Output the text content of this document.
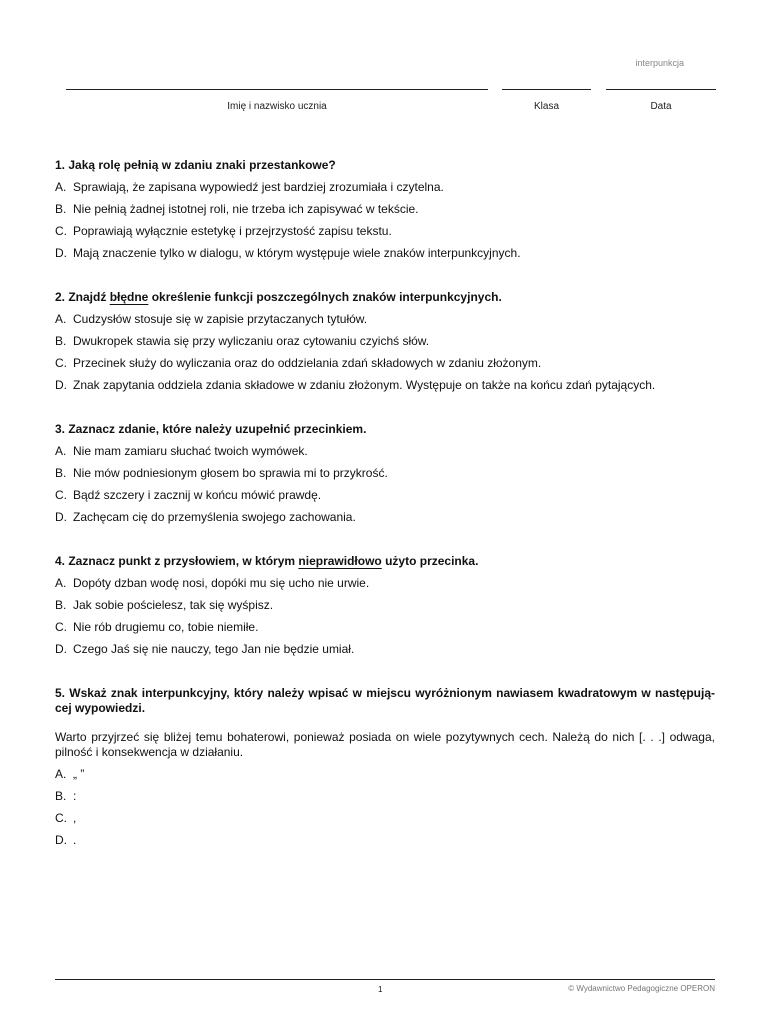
interpunkcja
Imię i nazwisko ucznia	Klasa	Data
1. Jaką rolę pełnią w zdaniu znaki przestankowe?
A. Sprawiają, że zapisana wypowiedź jest bardziej zrozumiała i czytelna.
B. Nie pełnią żadnej istotnej roli, nie trzeba ich zapisywać w tekście.
C. Poprawiają wyłącznie estetykę i przejrzystość zapisu tekstu.
D. Mają znaczenie tylko w dialogu, w którym występuje wiele znaków interpunkcyjnych.
2. Znajdź błędne określenie funkcji poszczególnych znaków interpunkcyjnych.
A. Cudzysłów stosuje się w zapisie przytaczanych tytułów.
B. Dwukropek stawia się przy wyliczaniu oraz cytowaniu czyichś słów.
C. Przecinek służy do wyliczania oraz do oddzielania zdań składowych w zdaniu złożonym.
D. Znak zapytania oddziela zdania składowe w zdaniu złożonym. Występuje on także na końcu zdań pytających.
3. Zaznacz zdanie, które należy uzupełnić przecinkiem.
A. Nie mam zamiaru słuchać twoich wymówek.
B. Nie mów podniesionym głosem bo sprawia mi to przykrość.
C. Bądź szczery i zacznij w końcu mówić prawdę.
D. Zachęcam cię do przemyślenia swojego zachowania.
4. Zaznacz punkt z przysłowiem, w którym nieprawidłowo użyto przecinka.
A. Dopóty dzban wodę nosi, dopóki mu się ucho nie urwie.
B. Jak sobie pościelesz, tak się wyśpisz.
C. Nie rób drugiemu co, tobie niemiłe.
D. Czego Jaś się nie nauczy, tego Jan nie będzie umiał.
5. Wskaż znak interpunkcyjny, który należy wpisać w miejscu wyróżnionym nawiasem kwadratowym w następują-cej wypowiedzi.
Warto przyjrzeć się bliżej temu bohaterowi, ponieważ posiada on wiele pozytywnych cech. Należą do nich [. . .] odwaga, pilność i konsekwencja w działaniu.
A. „ ”
B. :
C. ,
D. .
1	© Wydawnictwo Pedagogiczne OPERON
